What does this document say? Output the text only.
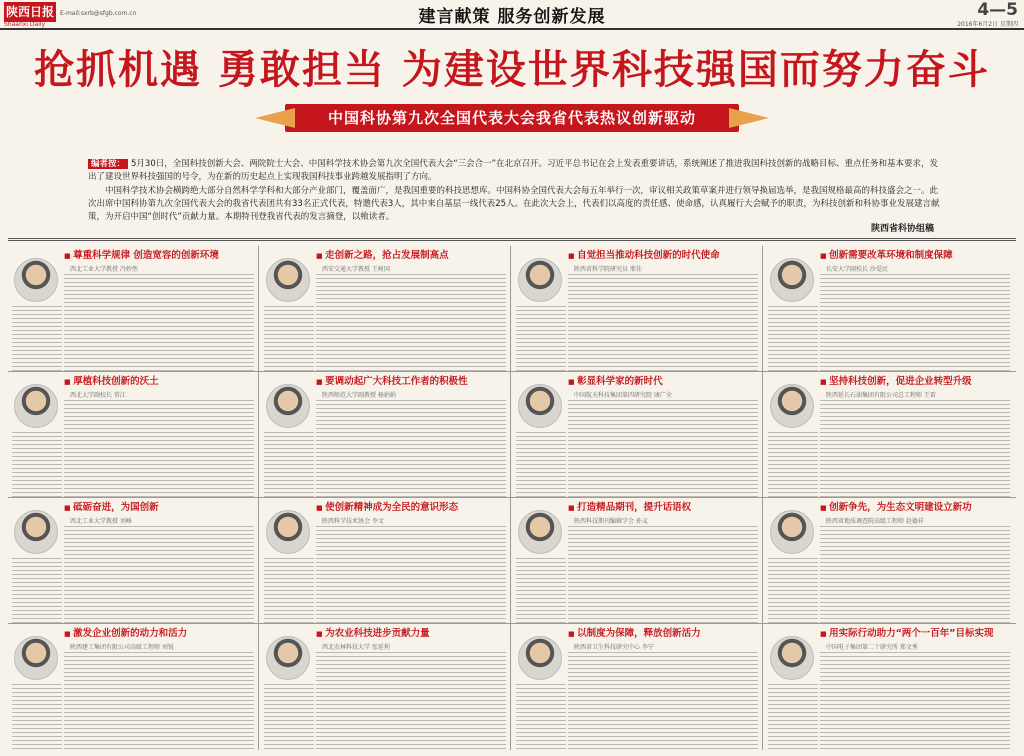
陕西日报
Shaanxi Daily
E-mail:sxrb@sfgb.com.cn	建言献策 服务创新发展	4—5
2016年6月2日 星期四
抢抓机遇 勇敢担当 为建设世界科技强国而努力奋斗
中国科协第九次全国代表大会我省代表热议创新驱动

编者按： 5月30日，全国科技创新大会、两院院士大会、中国科学技术协会第九次全国代表大会“三会合一”在北京召开。习近平总书记在会上发表重要讲话，系统阐述了推进我国科技创新的战略目标、重点任务和基本要求，发出了建设世界科技强国的号令，为在新的历史起点上实现我国科技事业跨越发展指明了方向。

中国科学技术协会横跨绝大部分自然科学学科和大部分产业部门，覆盖面广，是我国重要的科技思想库。中国科协全国代表大会每五年举行一次，审议相关政策草案并进行领导换届选举，是我国规格最高的科技盛会之一。此次出席中国科协第九次全国代表大会的我省代表团共有33名正式代表，特邀代表3人，其中来自基层一线代表25人。在此次大会上，代表们以高度的责任感、使命感，认真履行大会赋予的职责，为科技创新和科协事业发展建言献策，为开启中国“创时代”贡献力量。本期特刊登我省代表的发言摘登，以飨读者。

陕西省科协组稿
■ 尊重科学规律 创造宽容的创新环境
西北工业大学教授 冯妙然
■ 走创新之路，抢占发展制高点
西安交通大学教授 王树国
■ 自觉担当推动科技创新的时代使命
陕西省科学院研究员 邢佳
■ 创新需要改革环境和制度保障
长安大学副校长 沙爱民
■ 厚植科技创新的沃土
西北大学副校长 常江
■ 要调动起广大科技工作者的积极性
陕西师范大学副教授 杨娟娟
■ 彰显科学家的新时代
中国航天科技集团第四研究院 康广全
■ 坚持科技创新，促进企业转型升级
陕西延长石油集团有限公司总工程师 王雷
■ 砥砺奋进，为国创新
西北工业大学教授 刘峰
■ 使创新精神成为全民的意识形态
陕西科学技术协会 李文
■ 打造精品期刊，提升话语权
陕西科技期刊编辑学会 孙义
■ 创新争先，为生态文明建设立新功
陕西省地质调查院高级工程师 赵德祥
■ 激发企业创新的动力和活力
陕西建工集团有限公司高级工程师 刘锐
■ 为农业科技进步贡献力量
西北农林科技大学 张延利
■ 以制度为保障，释放创新活力
陕西省卫生科技研究中心 李宁
■ 用实际行动助力“两个一百年”目标实现
中国电子集团第二十研究所 郑文秀
